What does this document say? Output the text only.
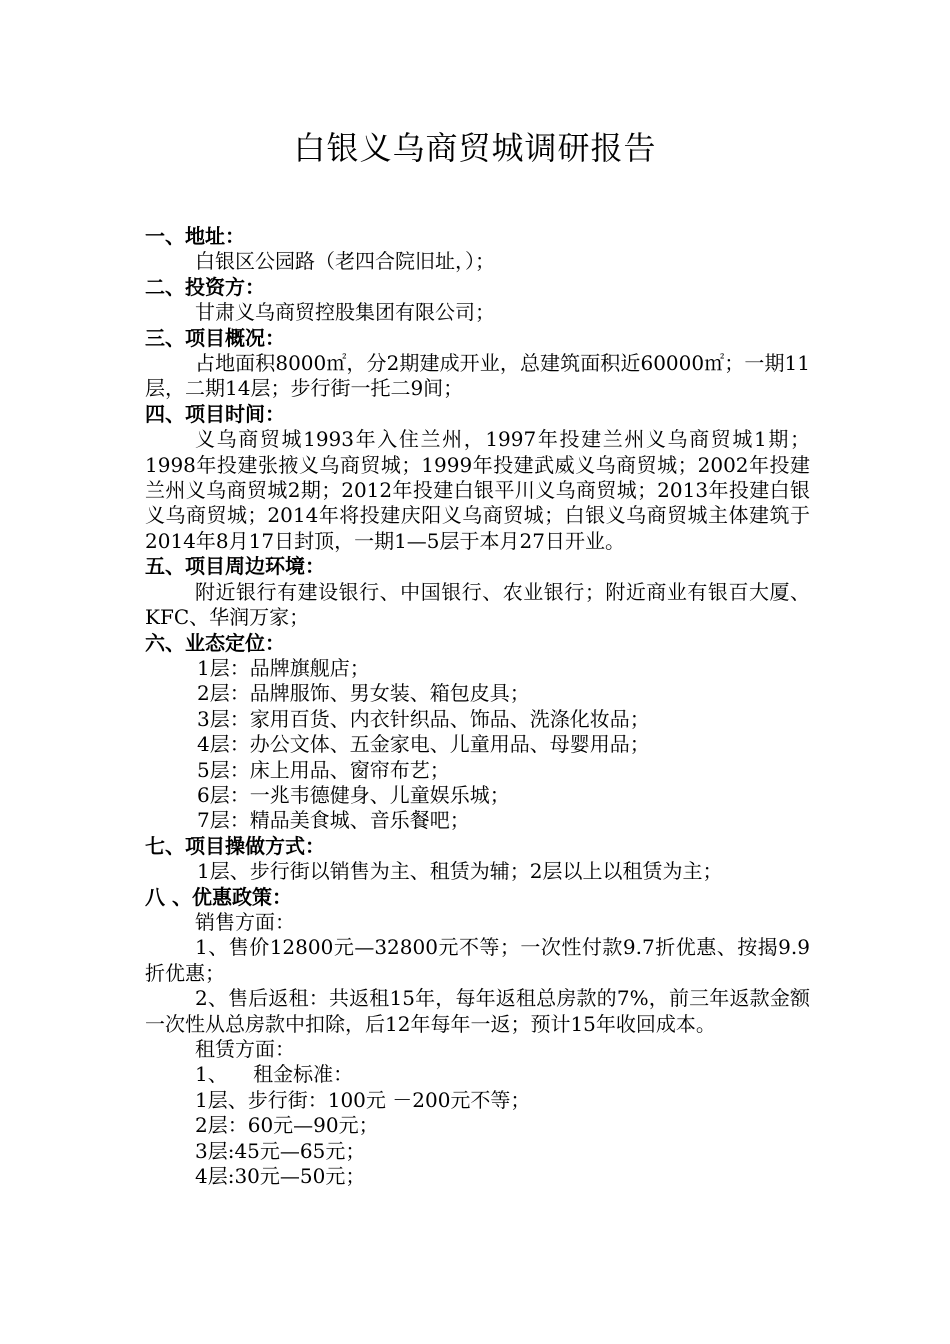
白银义乌商贸城调研报告

一、地址：

白银区公园路（老四合院旧址，）；

二、投资方：

甘肃义乌商贸控股集团有限公司；

三、项目概况：

占地面积8000㎡，分2期建成开业，总建筑面积近60000㎡；一期11层，二期14层；步行街一托二9间；

四、项目时间：

义乌商贸城1993年入住兰州，1997年投建兰州义乌商贸城1期；1998年投建张掖义乌商贸城；1999年投建武威义乌商贸城；2002年投建兰州义乌商贸城2期；2012年投建白银平川义乌商贸城；2013年投建白银义乌商贸城；2014年将投建庆阳义乌商贸城；白银义乌商贸城主体建筑于2014年8月17日封顶，一期1—5层于本月27日开业。

五、项目周边环境：

附近银行有建设银行、中国银行、农业银行；附近商业有银百大厦、KFC、华润万家；

六、业态定位：

1层：品牌旗舰店；

2层：品牌服饰、男女装、箱包皮具；

3层：家用百货、内衣针织品、饰品、洗涤化妆品；

4层：办公文体、五金家电、儿童用品、母婴用品；

5层：床上用品、窗帘布艺；

6层：一兆韦德健身、儿童娱乐城；

7层：精品美食城、音乐餐吧；

七、项目操做方式：

1层、步行街以销售为主、租赁为辅；2层以上以租赁为主；

八 、优惠政策：

销售方面：

1、售价12800元—32800元不等；一次性付款9.7折优惠、按揭9.9折优惠；

2、售后返租：共返租15年，每年返租总房款的7%，前三年返款金额一次性从总房款中扣除，后12年每年一返；预计15年收回成本。

租赁方面：

1、    租金标准：

1层、步行街：100元 －200元不等；

2层：60元—90元；

3层:45元—65元；

4层:30元—50元；
